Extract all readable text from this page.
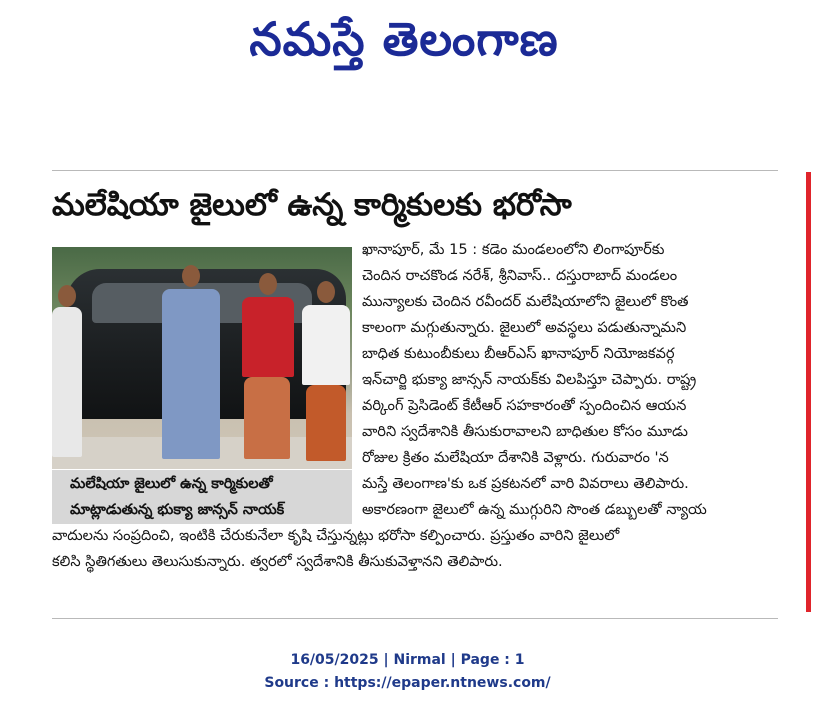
నమస్తే తెలంగాణ
మలేషియా జైలులో ఉన్న కార్మికులకు భరోసా
మలేషియా జైలులో ఉన్న కార్మికులతో
మాట్లాడుతున్న భుక్యా జాన్సన్ నాయక్
ఖానాపూర్, మే 15 : కడెం మండలంలోని లింగాపూర్‌కు
చెందిన రాచకొండ నరేశ్, శ్రీనివాస్.. దస్తురాబాద్ మండలం
మున్యాలకు చెందిన రవీందర్ మలేషియాలోని జైలులో కొంత
కాలంగా మగ్గుతున్నారు. జైలులో అవస్థలు పడుతున్నామని
బాధిత కుటుంబీకులు బీఆర్‌ఎస్ ఖానాపూర్ నియోజకవర్గ
ఇన్‌చార్జి భుక్యా జాన్సన్ నాయక్‌కు విలపిస్తూ చెప్పారు. రాష్ట్ర
వర్కింగ్ ప్రెసిడెంట్ కేటీఆర్ సహకారంతో స్పందించిన ఆయన
వారిని స్వదేశానికి తీసుకురావాలని బాధితుల కోసం మూడు
రోజుల క్రితం మలేషియా దేశానికి వెళ్లారు. గురువారం 'న
మస్తే తెలంగాణ'కు ఒక ప్రకటనలో వారి వివరాలు తెలిపారు.
అకారణంగా జైలులో ఉన్న ముగ్గురిని సొంత డబ్బులతో న్యాయ
వాదులను సంప్రదించి, ఇంటికి చేరుకునేలా కృషి చేస్తున్నట్లు భరోసా కల్పించారు. ప్రస్తుతం వారిని జైలులో
కలిసి స్థితిగతులు తెలుసుకున్నారు. త్వరలో స్వదేశానికి తీసుకువెళ్తానని తెలిపారు.
16/05/2025 | Nirmal | Page : 1
Source : https://epaper.ntnews.com/
